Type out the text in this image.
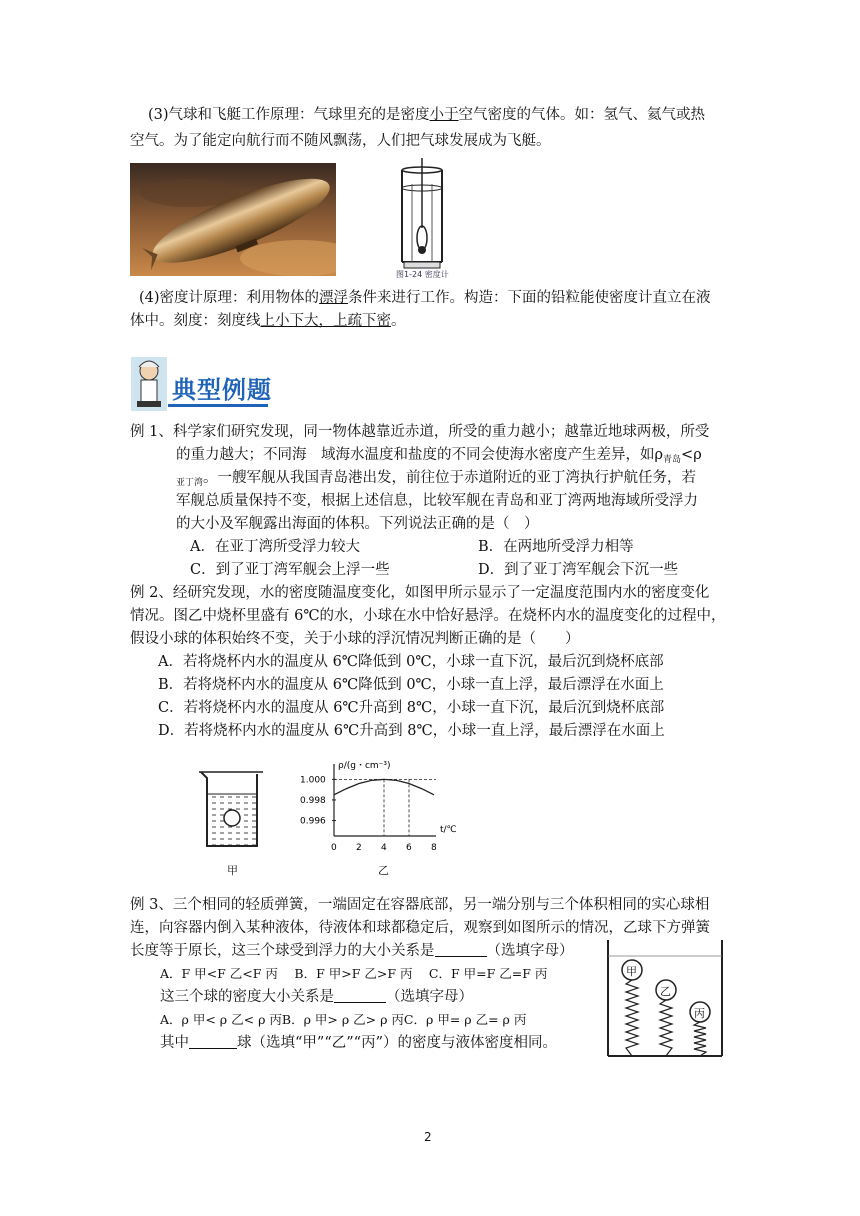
(3)气球和飞艇工作原理：气球里充的是密度小于空气密度的气体。如：氢气、氦气或热
空气。为了能定向航行而不随风飘荡，人们把气球发展成为飞艇。
图1-24 密度计
(4)密度计原理：利用物体的漂浮条件来进行工作。构造：下面的铅粒能使密度计直立在液
体中。刻度：刻度线上小下大，上疏下密。
典型例题
例 1、科学家们研究发现，同一物体越靠近赤道，所受的重力越小；越靠近地球两极，所受
的重力越大；不同海　域海水温度和盐度的不同会使海水密度产生差异，如$\rho_{青岛}<\rho$
$_{亚丁湾}$。一艘军舰从我国青岛港出发，前往位于赤道附近的亚丁湾执行护航任务，若
军舰总质量保持不变，根据上述信息，比较军舰在青岛和亚丁湾两地海域所受浮力
的大小及军舰露出海面的体积。下列说法正确的是（　）
A．在亚丁湾所受浮力较大	B．在两地所受浮力相等
C．到了亚丁湾军舰会上浮一些	D．到了亚丁湾军舰会下沉一些
例 2、经研究发现，水的密度随温度变化，如图甲所示显示了一定温度范围内水的密度变化
情况。图乙中烧杯里盛有 6℃的水，小球在水中恰好悬浮。在烧杯内水的温度变化的过程中，
假设小球的体积始终不变，关于小球的浮沉情况判断正确的是（　　）
A．若将烧杯内水的温度从 6℃降低到 0℃，小球一直下沉，最后沉到烧杯底部
B．若将烧杯内水的温度从 6℃降低到 0℃，小球一直上浮，最后漂浮在水面上
C．若将烧杯内水的温度从 6℃升高到 8℃，小球一直下沉，最后沉到烧杯底部
D．若将烧杯内水的温度从 6℃升高到 8℃，小球一直上浮，最后漂浮在水面上
甲
ρ/(g・cm⁻³)
t/℃
1.000
0.998
0.996
0 2 4 6 8
乙
例 3、三个相同的轻质弹簧，一端固定在容器底部，另一端分别与三个体积相同的实心球相
连，向容器内倒入某种液体，待液体和球都稳定后，观察到如图所示的情况，乙球下方弹簧
长度等于原长，这三个球受到浮力的大小关系是	（选填字母）
A．F 甲<F 乙<F 丙　 B．F 甲>F 乙>F 丙　 C．F 甲=F 乙=F 丙
这三个球的密度大小关系是	（选填字母）
A．ρ 甲< ρ 乙< ρ 丙B．ρ 甲> ρ 乙> ρ 丙C．ρ 甲= ρ 乙= ρ 丙
其中	球（选填“甲”“乙”“丙”）的密度与液体密度相同。
甲
乙
丙
2
